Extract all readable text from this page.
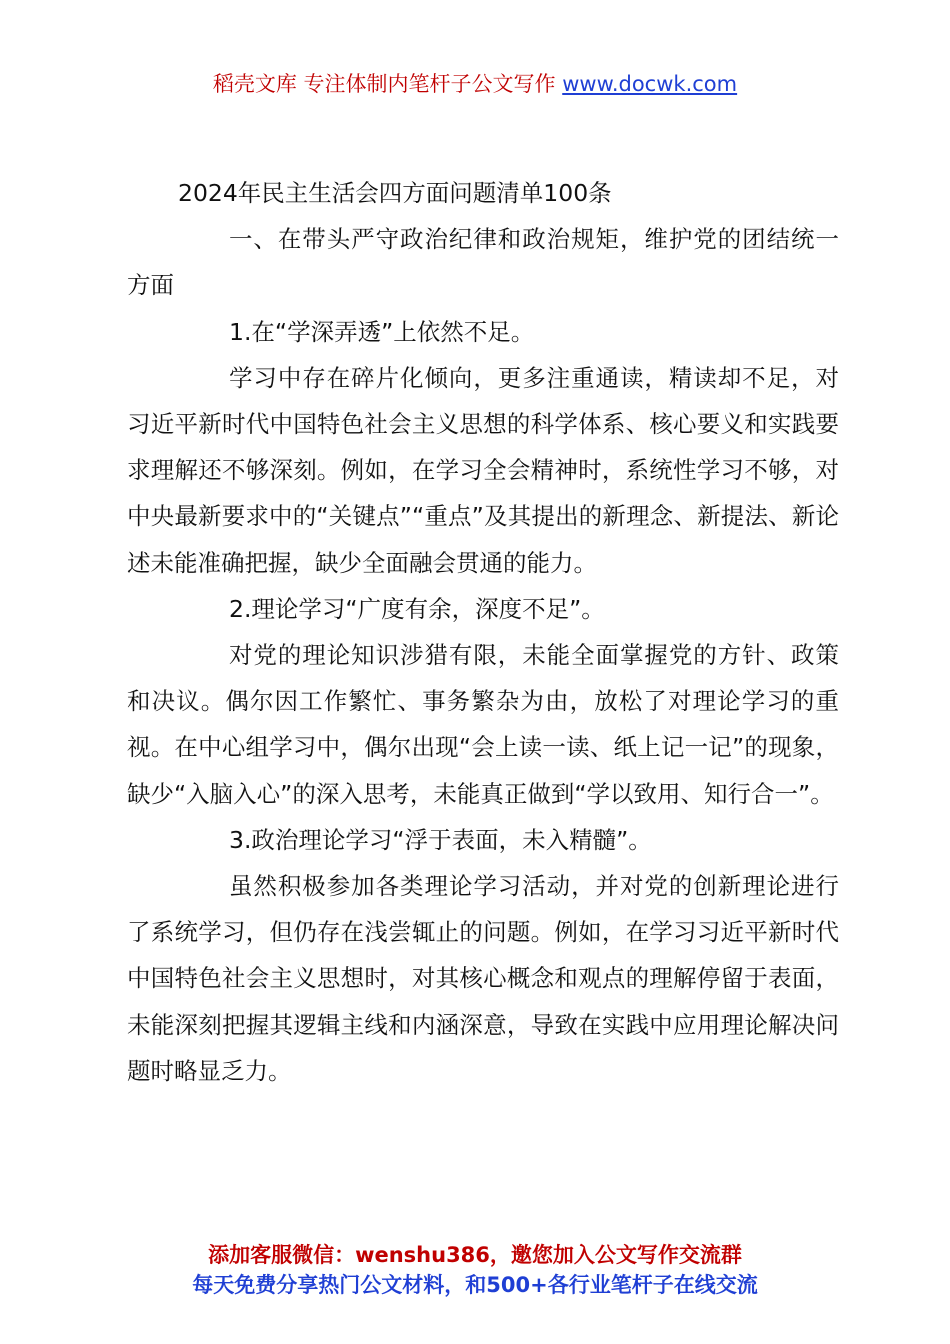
稻壳文库 专注体制内笔杆子公文写作 www.docwk.com

2024年民主生活会四方面问题清单100条

一、在带头严守政治纪律和政治规矩，维护党的团结统一方面

1.在“学深弄透”上依然不足。

学习中存在碎片化倾向，更多注重通读，精读却不足，对习近平新时代中国特色社会主义思想的科学体系、核心要义和实践要求理解还不够深刻。例如，在学习全会精神时，系统性学习不够，对中央最新要求中的“关键点”“重点”及其提出的新理念、新提法、新论述未能准确把握，缺少全面融会贯通的能力。

2.理论学习“广度有余，深度不足”。

对党的理论知识涉猎有限，未能全面掌握党的方针、政策和决议。偶尔因工作繁忙、事务繁杂为由，放松了对理论学习的重视。在中心组学习中，偶尔出现“会上读一读、纸上记一记”的现象，缺少“入脑入心”的深入思考，未能真正做到“学以致用、知行合一”。

3.政治理论学习“浮于表面，未入精髓”。

虽然积极参加各类理论学习活动，并对党的创新理论进行了系统学习，但仍存在浅尝辄止的问题。例如，在学习习近平新时代中国特色社会主义思想时，对其核心概念和观点的理解停留于表面，未能深刻把握其逻辑主线和内涵深意，导致在实践中应用理论解决问题时略显乏力。

添加客服微信：wenshu386，邀您加入公文写作交流群
每天免费分享热门公文材料，和500+各行业笔杆子在线交流
